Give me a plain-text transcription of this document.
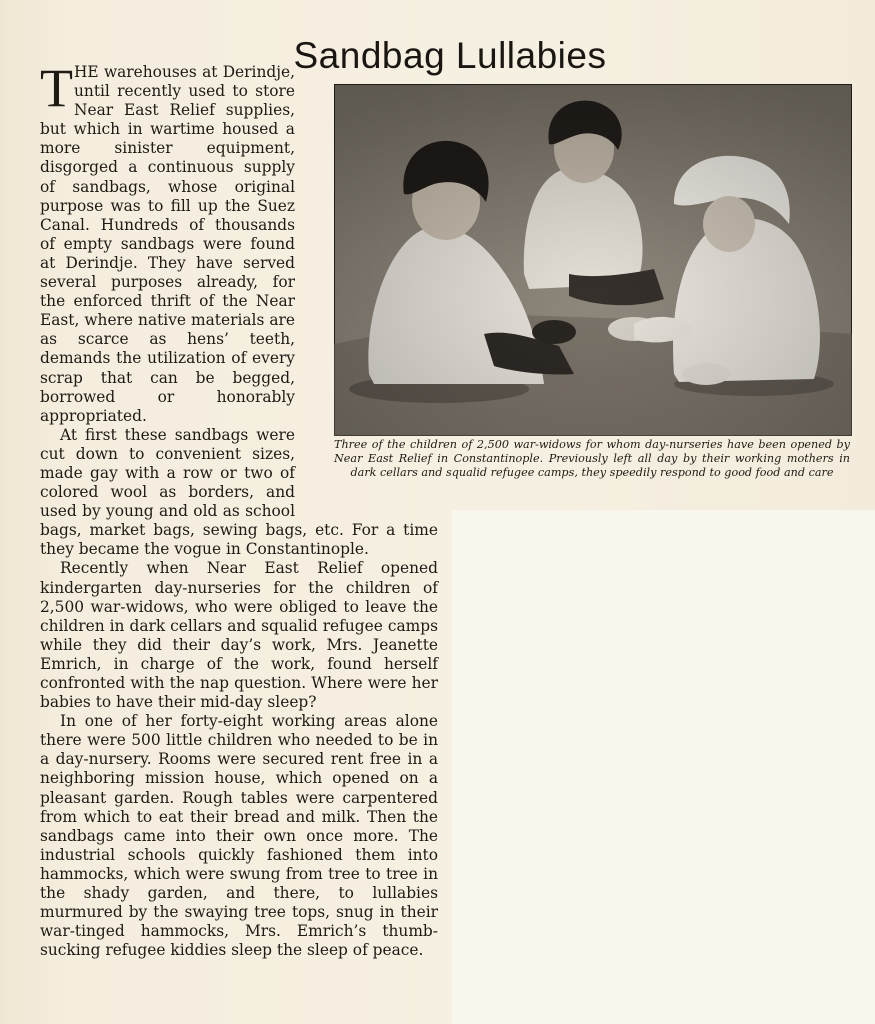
Sandbag Lullabies

THE warehouses at Derindje, until recently used to store Near East Relief supplies, but which in wartime housed a more sinister equipment, disgorged a continuous supply of sandbags, whose original purpose was to fill up the Suez Canal. Hundreds of thousands of empty sandbags were found at Derindje. They have served several purposes already, for the enforced thrift of the Near East, where native materials are as scarce as hens’ teeth, demands the utilization of every scrap that can be begged, borrowed or honorably appropriated.

At first these sandbags were cut down to convenient sizes, made gay with a row or two of colored wool as borders, and used by young and old as school bags, market bags, sewing bags, etc. For a time they became the vogue in Constantinople.

Recently when Near East Relief opened kindergarten day-nurseries for the children of 2,500 war-widows, who were obliged to leave the children in dark cellars and squalid refugee camps while they did their day’s work, Mrs. Jeanette Emrich, in charge of the work, found herself confronted with the nap question. Where were her babies to have their mid-day sleep?

In one of her forty-eight working areas alone there were 500 little children who needed to be in a day-nursery. Rooms were secured rent free in a neighboring mission house, which opened on a pleasant garden. Rough tables were carpentered from which to eat their bread and milk. Then the sandbags came into their own once more. The industrial schools quickly fashioned them into hammocks, which were swung from tree to tree in the shady garden, and there, to lullabies murmured by the swaying tree tops, snug in their war-tinged hammocks, Mrs. Emrich’s thumb-sucking refugee kiddies sleep the sleep of peace.

Three of the children of 2,500 war-widows for whom day-nurseries have been opened by Near East Relief in Constantinople. Previously left all day by their working mothers in dark cellars and squalid refugee camps, they speedily respond to good food and care
